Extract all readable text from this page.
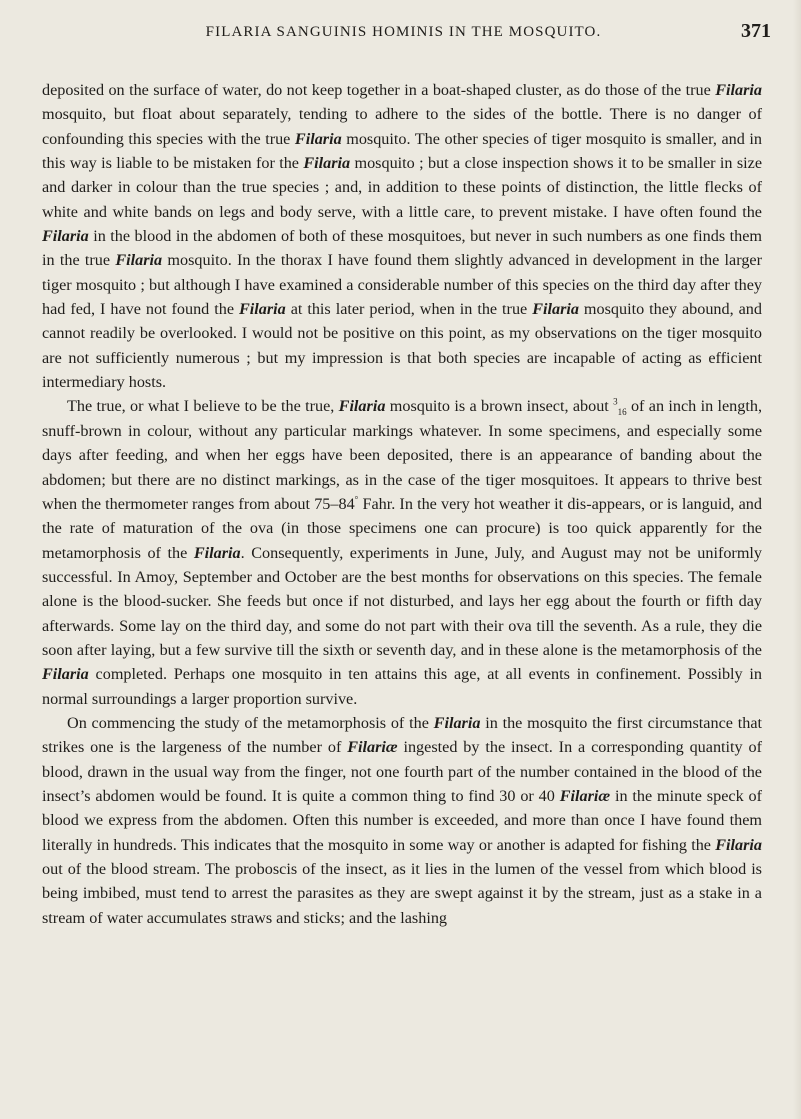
FILARIA SANGUINIS HOMINIS IN THE MOSQUITO.	371

deposited on the surface of water, do not keep together in a boat-shaped cluster, as do those of the true Filaria mosquito, but float about separately, tending to adhere to the sides of the bottle. There is no danger of confounding this species with the true Filaria mosquito. The other species of tiger mosquito is smaller, and in this way is liable to be mistaken for the Filaria mosquito ; but a close inspection shows it to be smaller in size and darker in colour than the true species ; and, in addition to these points of distinction, the little flecks of white and white bands on legs and body serve, with a little care, to prevent mistake. I have often found the Filaria in the blood in the abdomen of both of these mosquitoes, but never in such numbers as one finds them in the true Filaria mosquito. In the thorax I have found them slightly advanced in development in the larger tiger mosquito ; but although I have examined a considerable number of this species on the third day after they had fed, I have not found the Filaria at this later period, when in the true Filaria mosquito they abound, and cannot readily be overlooked. I would not be positive on this point, as my observations on the tiger mosquito are not sufficiently numerous ; but my impression is that both species are incapable of acting as efficient intermediary hosts.

The true, or what I believe to be the true, Filaria mosquito is a brown insect, about $^3_{16}$ of an inch in length, snuff-brown in colour, without any particular markings whatever. In some specimens, and especially some days after feeding, and when her eggs have been deposited, there is an appearance of banding about the abdomen; but there are no distinct markings, as in the case of the tiger mosquitoes. It appears to thrive best when the thermometer ranges from about 75–84° Fahr. In the very hot weather it dis-appears, or is languid, and the rate of maturation of the ova (in those specimens one can procure) is too quick apparently for the metamorphosis of the Filaria. Consequently, experiments in June, July, and August may not be uniformly successful. In Amoy, September and October are the best months for observations on this species. The female alone is the blood-sucker. She feeds but once if not disturbed, and lays her egg about the fourth or fifth day afterwards. Some lay on the third day, and some do not part with their ova till the seventh. As a rule, they die soon after laying, but a few survive till the sixth or seventh day, and in these alone is the metamorphosis of the Filaria completed. Perhaps one mosquito in ten attains this age, at all events in confinement. Possibly in normal surroundings a larger proportion survive.

On commencing the study of the metamorphosis of the Filaria in the mosquito the first circumstance that strikes one is the largeness of the number of Filariæ ingested by the insect. In a corresponding quantity of blood, drawn in the usual way from the finger, not one fourth part of the number contained in the blood of the insect’s abdomen would be found. It is quite a common thing to find 30 or 40 Filariæ in the minute speck of blood we express from the abdomen. Often this number is exceeded, and more than once I have found them literally in hundreds. This indicates that the mosquito in some way or another is adapted for fishing the Filaria out of the blood stream. The proboscis of the insect, as it lies in the lumen of the vessel from which blood is being imbibed, must tend to arrest the parasites as they are swept against it by the stream, just as a stake in a stream of water accumulates straws and sticks; and the lashing
